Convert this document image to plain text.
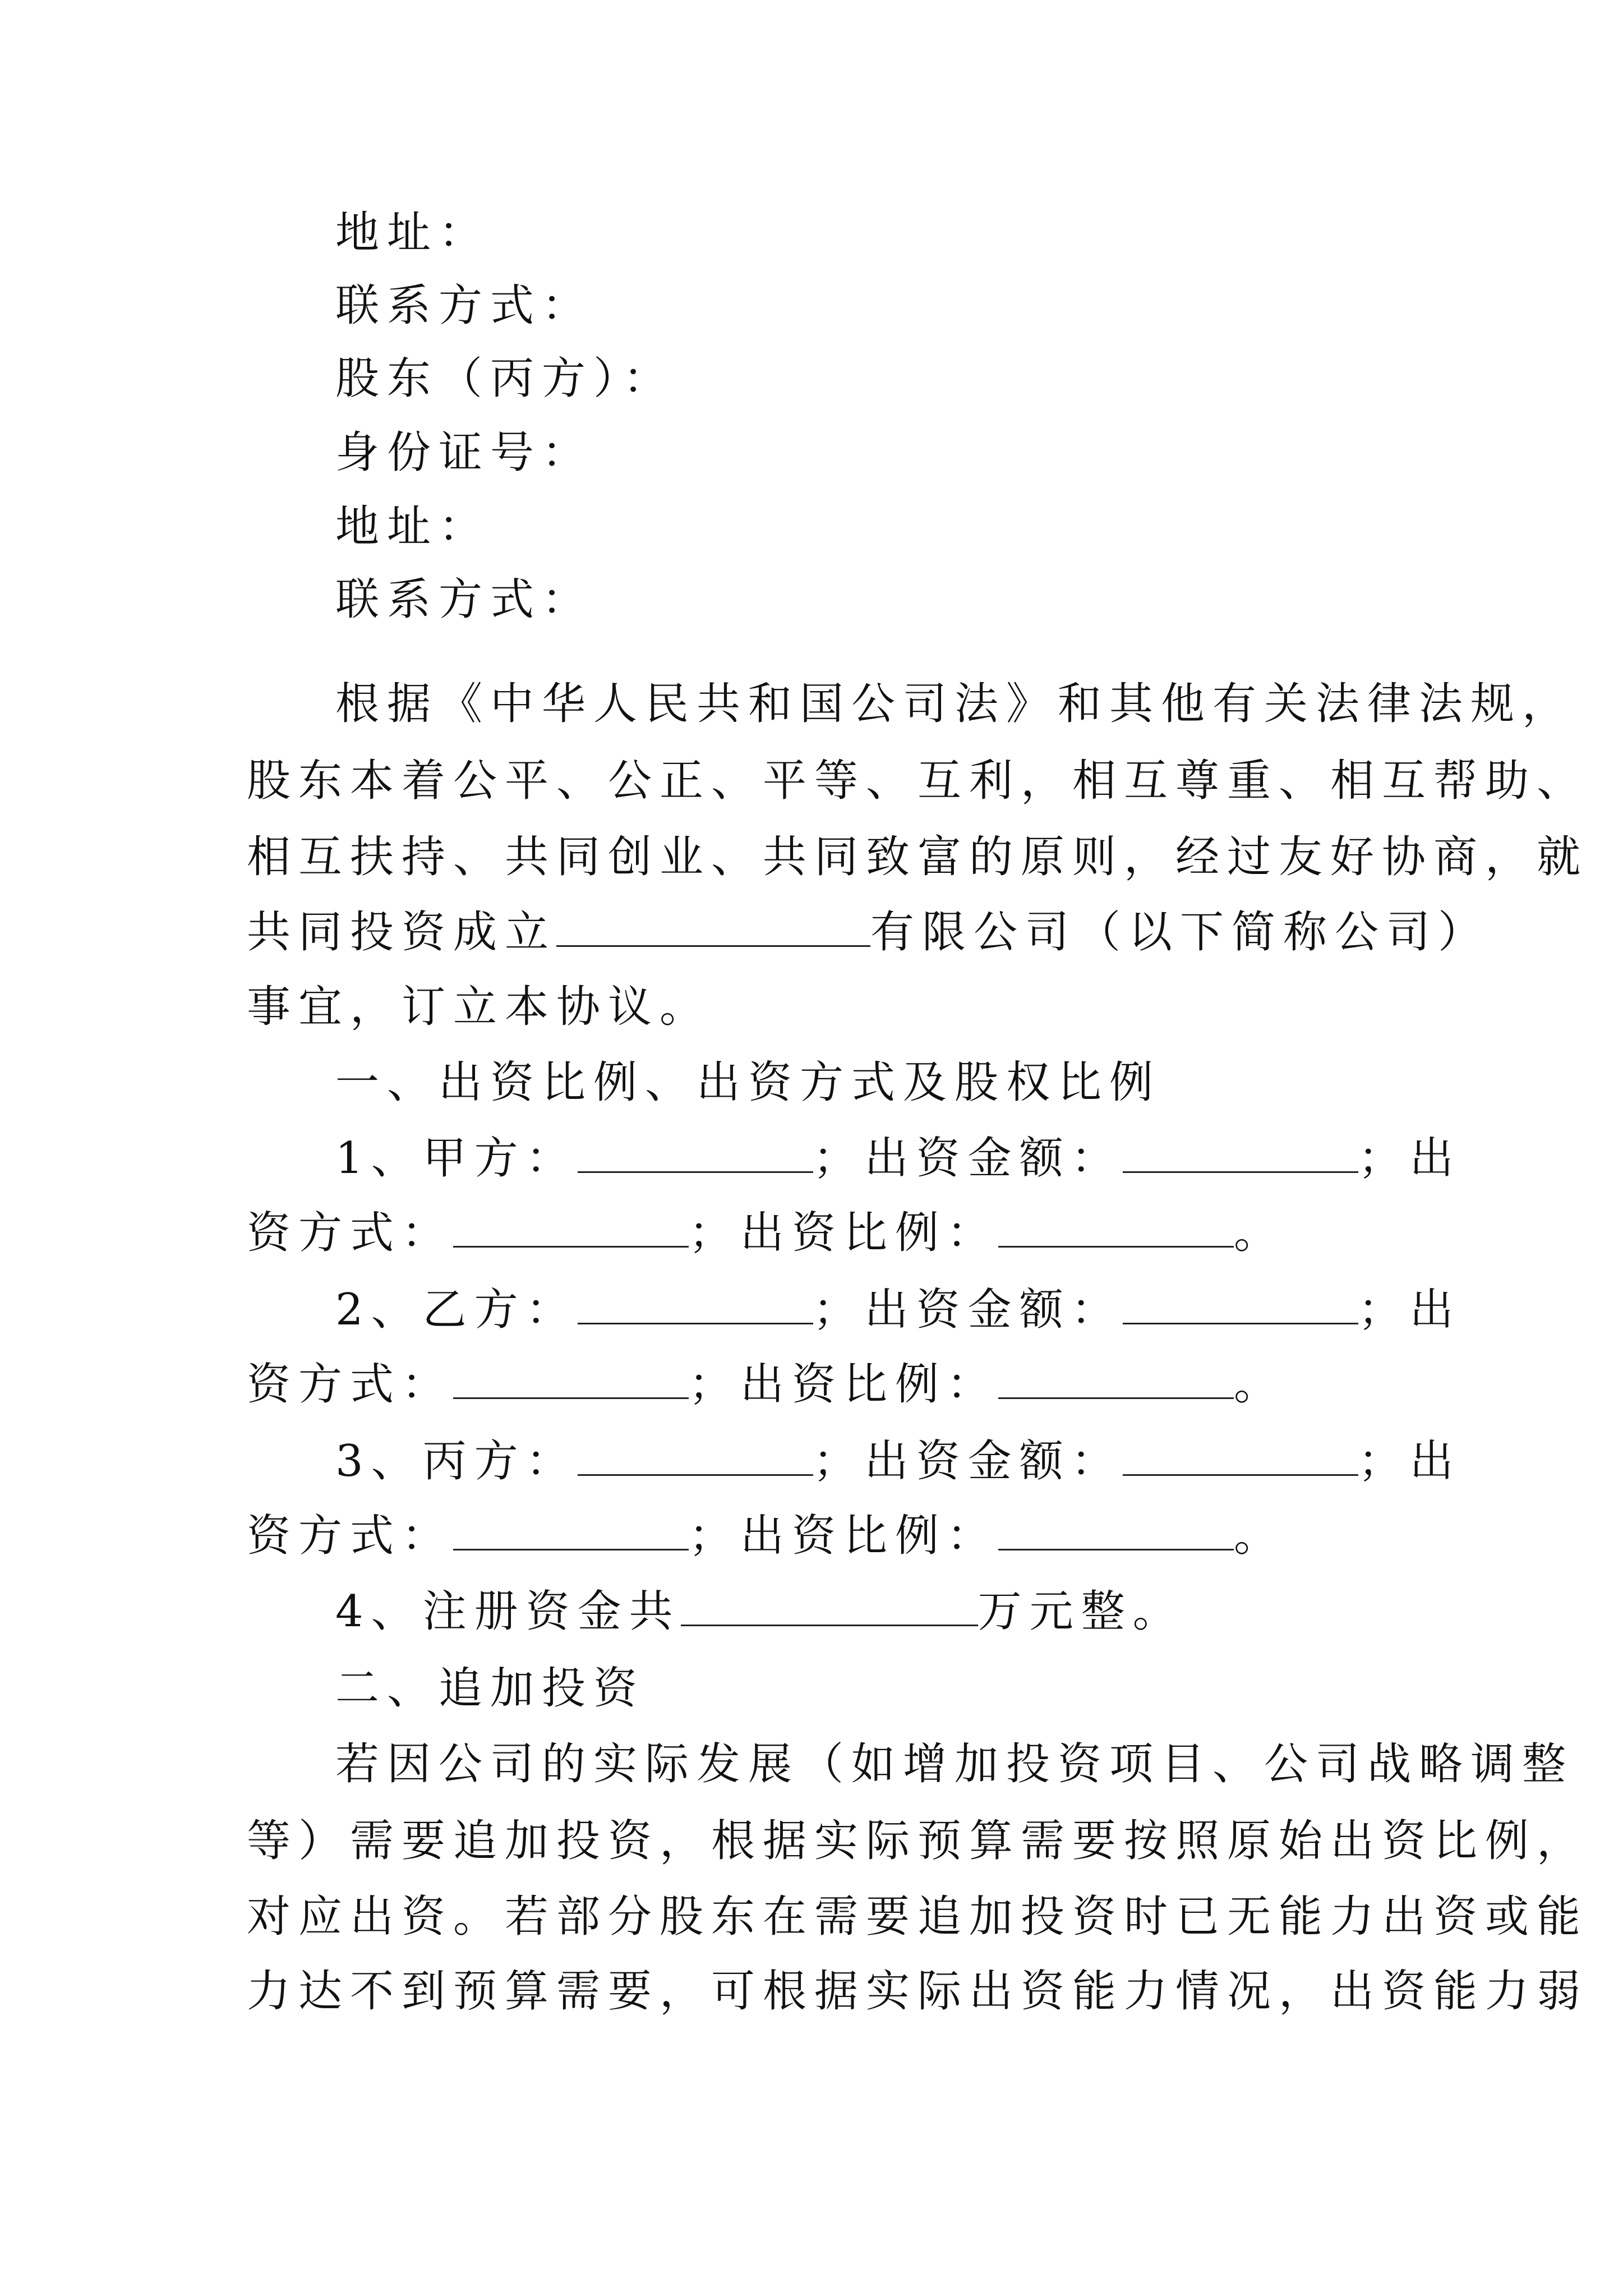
地址：
联系方式：
股东（丙方）：
身份证号：
地址：
联系方式：
根据《中华人民共和国公司法》和其他有关法律法规，
股东本着公平、公正、平等、互利，相互尊重、相互帮助、
相互扶持、共同创业、共同致富的原则，经过友好协商，就
共同投资成立	有限公司（以下简称公司）
事宜，订立本协议。
一、出资比例、出资方式及股权比例
1、甲方：	；出资金额：	；出
资方式：	；出资比例：	。
2、乙方：	；出资金额：	；出
资方式：	；出资比例：	。
3、丙方：	；出资金额：	；出
资方式：	；出资比例：	。
4、注册资金共	万元整。
二、追加投资
若因公司的实际发展（如增加投资项目、公司战略调整
等）需要追加投资，根据实际预算需要按照原始出资比例，
对应出资。若部分股东在需要追加投资时已无能力出资或能
力达不到预算需要，可根据实际出资能力情况，出资能力弱
